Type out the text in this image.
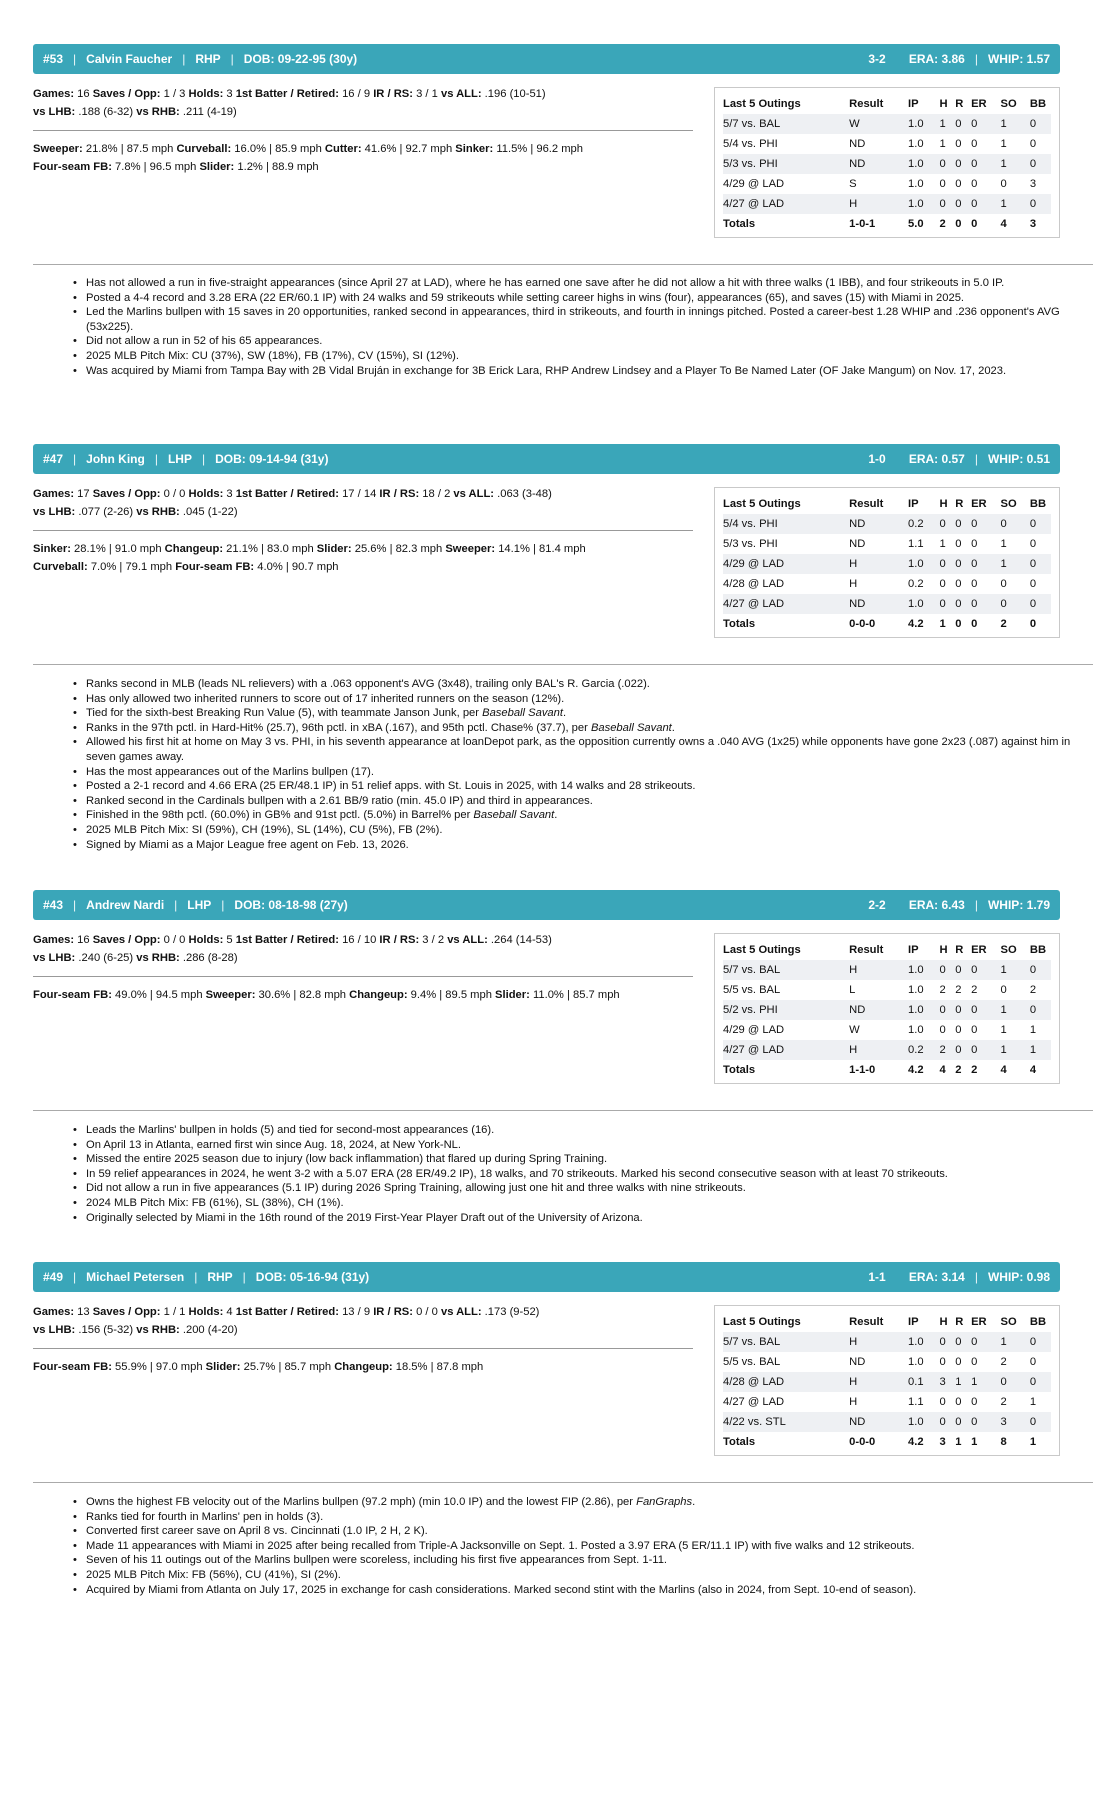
#53 | Calvin Faucher | RHP | DOB: 09-22-95 (30y)	3-2 ERA: 3.86 | WHIP: 1.57
Games: 16 Saves / Opp: 1 / 3 Holds: 3 1st Batter / Retired: 16 / 9 IR / RS: 3 / 1 vs ALL: .196 (10-51)
vs LHB: .188 (6-32) vs RHB: .211 (4-19)
Sweeper: 21.8% | 87.5 mph Curveball: 16.0% | 85.9 mph Cutter: 41.6% | 92.7 mph Sinker: 11.5% | 96.2 mph
Four-seam FB: 7.8% | 96.5 mph Slider: 1.2% | 88.9 mph
Last 5 Outings	Result	IP	H	R	ER	SO	BB
5/7 vs. BAL	W	1.0	1	0	0	1	0
5/4 vs. PHI	ND	1.0	1	0	0	1	0
5/3 vs. PHI	ND	1.0	0	0	0	1	0
4/29 @ LAD	S	1.0	0	0	0	0	3
4/27 @ LAD	H	1.0	0	0	0	1	0
Totals	1-0-1	5.0	2	0	0	4	3
• Has not allowed a run in five-straight appearances (since April 27 at LAD), where he has earned one save after he did not allow a hit with three walks (1 IBB), and four strikeouts in 5.0 IP.
• Posted a 4-4 record and 3.28 ERA (22 ER/60.1 IP) with 24 walks and 59 strikeouts while setting career highs in wins (four), appearances (65), and saves (15) with Miami in 2025.
• Led the Marlins bullpen with 15 saves in 20 opportunities, ranked second in appearances, third in strikeouts, and fourth in innings pitched. Posted a career-best 1.28 WHIP and .236 opponent's AVG (53x225).
• Did not allow a run in 52 of his 65 appearances.
• 2025 MLB Pitch Mix: CU (37%), SW (18%), FB (17%), CV (15%), SI (12%).
• Was acquired by Miami from Tampa Bay with 2B Vidal Bruján in exchange for 3B Erick Lara, RHP Andrew Lindsey and a Player To Be Named Later (OF Jake Mangum) on Nov. 17, 2023.
#47 | John King | LHP | DOB: 09-14-94 (31y)	1-0 ERA: 0.57 | WHIP: 0.51
Games: 17 Saves / Opp: 0 / 0 Holds: 3 1st Batter / Retired: 17 / 14 IR / RS: 18 / 2 vs ALL: .063 (3-48)
vs LHB: .077 (2-26) vs RHB: .045 (1-22)
Sinker: 28.1% | 91.0 mph Changeup: 21.1% | 83.0 mph Slider: 25.6% | 82.3 mph Sweeper: 14.1% | 81.4 mph
Curveball: 7.0% | 79.1 mph Four-seam FB: 4.0% | 90.7 mph
Last 5 Outings	Result	IP	H	R	ER	SO	BB
5/4 vs. PHI	ND	0.2	0	0	0	0	0
5/3 vs. PHI	ND	1.1	1	0	0	1	0
4/29 @ LAD	H	1.0	0	0	0	1	0
4/28 @ LAD	H	0.2	0	0	0	0	0
4/27 @ LAD	ND	1.0	0	0	0	0	0
Totals	0-0-0	4.2	1	0	0	2	0
• Ranks second in MLB (leads NL relievers) with a .063 opponent's AVG (3x48), trailing only BAL's R. Garcia (.022).
• Has only allowed two inherited runners to score out of 17 inherited runners on the season (12%).
• Tied for the sixth-best Breaking Run Value (5), with teammate Janson Junk, per Baseball Savant.
• Ranks in the 97th pctl. in Hard-Hit% (25.7), 96th pctl. in xBA (.167), and 95th pctl. Chase% (37.7), per Baseball Savant.
• Allowed his first hit at home on May 3 vs. PHI, in his seventh appearance at loanDepot park, as the opposition currently owns a .040 AVG (1x25) while opponents have gone 2x23 (.087) against him in seven games away.
• Has the most appearances out of the Marlins bullpen (17).
• Posted a 2-1 record and 4.66 ERA (25 ER/48.1 IP) in 51 relief apps. with St. Louis in 2025, with 14 walks and 28 strikeouts.
• Ranked second in the Cardinals bullpen with a 2.61 BB/9 ratio (min. 45.0 IP) and third in appearances.
• Finished in the 98th pctl. (60.0%) in GB% and 91st pctl. (5.0%) in Barrel% per Baseball Savant.
• 2025 MLB Pitch Mix: SI (59%), CH (19%), SL (14%), CU (5%), FB (2%).
• Signed by Miami as a Major League free agent on Feb. 13, 2026.
#43 | Andrew Nardi | LHP | DOB: 08-18-98 (27y)	2-2 ERA: 6.43 | WHIP: 1.79
Games: 16 Saves / Opp: 0 / 0 Holds: 5 1st Batter / Retired: 16 / 10 IR / RS: 3 / 2 vs ALL: .264 (14-53)
vs LHB: .240 (6-25) vs RHB: .286 (8-28)
Four-seam FB: 49.0% | 94.5 mph Sweeper: 30.6% | 82.8 mph Changeup: 9.4% | 89.5 mph Slider: 11.0% | 85.7 mph
Last 5 Outings	Result	IP	H	R	ER	SO	BB
5/7 vs. BAL	H	1.0	0	0	0	1	0
5/5 vs. BAL	L	1.0	2	2	2	0	2
5/2 vs. PHI	ND	1.0	0	0	0	1	0
4/29 @ LAD	W	1.0	0	0	0	1	1
4/27 @ LAD	H	0.2	2	0	0	1	1
Totals	1-1-0	4.2	4	2	2	4	4
• Leads the Marlins' bullpen in holds (5) and tied for second-most appearances (16).
• On April 13 in Atlanta, earned first win since Aug. 18, 2024, at New York-NL.
• Missed the entire 2025 season due to injury (low back inflammation) that flared up during Spring Training.
• In 59 relief appearances in 2024, he went 3-2 with a 5.07 ERA (28 ER/49.2 IP), 18 walks, and 70 strikeouts. Marked his second consecutive season with at least 70 strikeouts.
• Did not allow a run in five appearances (5.1 IP) during 2026 Spring Training, allowing just one hit and three walks with nine strikeouts.
• 2024 MLB Pitch Mix: FB (61%), SL (38%), CH (1%).
• Originally selected by Miami in the 16th round of the 2019 First-Year Player Draft out of the University of Arizona.
#49 | Michael Petersen | RHP | DOB: 05-16-94 (31y)	1-1 ERA: 3.14 | WHIP: 0.98
Games: 13 Saves / Opp: 1 / 1 Holds: 4 1st Batter / Retired: 13 / 9 IR / RS: 0 / 0 vs ALL: .173 (9-52)
vs LHB: .156 (5-32) vs RHB: .200 (4-20)
Four-seam FB: 55.9% | 97.0 mph Slider: 25.7% | 85.7 mph Changeup: 18.5% | 87.8 mph
Last 5 Outings	Result	IP	H	R	ER	SO	BB
5/7 vs. BAL	H	1.0	0	0	0	1	0
5/5 vs. BAL	ND	1.0	0	0	0	2	0
4/28 @ LAD	H	0.1	3	1	1	0	0
4/27 @ LAD	H	1.1	0	0	0	2	1
4/22 vs. STL	ND	1.0	0	0	0	3	0
Totals	0-0-0	4.2	3	1	1	8	1
• Owns the highest FB velocity out of the Marlins bullpen (97.2 mph) (min 10.0 IP) and the lowest FIP (2.86), per FanGraphs.
• Ranks tied for fourth in Marlins' pen in holds (3).
• Converted first career save on April 8 vs. Cincinnati (1.0 IP, 2 H, 2 K).
• Made 11 appearances with Miami in 2025 after being recalled from Triple-A Jacksonville on Sept. 1. Posted a 3.97 ERA (5 ER/11.1 IP) with five walks and 12 strikeouts.
• Seven of his 11 outings out of the Marlins bullpen were scoreless, including his first five appearances from Sept. 1-11.
• 2025 MLB Pitch Mix: FB (56%), CU (41%), SI (2%).
• Acquired by Miami from Atlanta on July 17, 2025 in exchange for cash considerations. Marked second stint with the Marlins (also in 2024, from Sept. 10-end of season).
